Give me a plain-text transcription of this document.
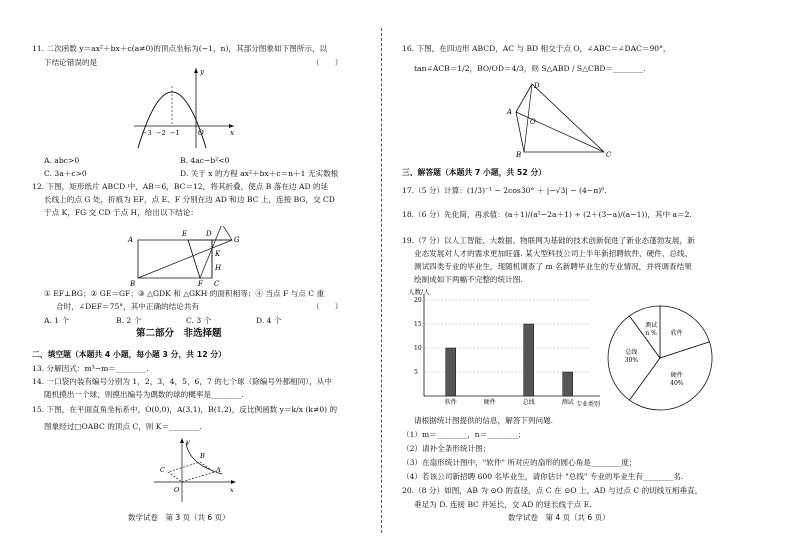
11. 二次函数 y＝ax²＋bx＋c(a≠0)的顶点坐标为(−1，n)，其部分图象如下图所示，以
下结论错误的是	（　　）
y
x
O
−3 −2 −1
A. abc>0	B. 4ac−b²<0
C. 3a＋c>0	D. 关于 x 的方程 ax²＋bx＋c＝n＋1 无实数根
12. 下图，矩形纸片 ABCD 中，AB＝6，BC＝12，将其折叠，使点 B 落在边 AD 的延
长线上的点 G 处，折痕为 EF，点 E、F 分别在边 AD 和边 BC 上，连接 BG，交 CD
于点 K，FG 交 CD 于点 H，给出以下结论：
A
E	D
G
K
H
B	F C
① EF⊥BG；② GE＝GF；③ △GDK 和 △GKH 的面积相等；④ 当点 F 与点 C 重
合时，∠DEF＝75°，其中正确的结论共有	（　　）
A. 1 个	B. 2 个	C. 3 个	D. 4 个
第二部分　非选择题
二、填空题（本题共 4 小题，每小题 3 分，共 12 分）
13. 分解因式：m³−m＝________.
14. 一口袋内装有编号分别为 1，2，3，4，5，6，7 的七个球（除编号外都相同），从中
随机摸出一个球，则摸出编号为偶数的球的概率是________.
15. 下图，在平面直角坐标系中，O(0,0)，A(3,1)，B(1,2)，反比例函数 y＝k/x (k≠0) 的
图象经过□OABC 的顶点 C，则 K＝________.
y
x
C
B
A
O
数学试卷　第 3 页（共 6 页）
16. 下图，在四边形 ABCD，AC 与 BD 相交于点 O，∠ABC＝∠DAC＝90°，
tan∠ACB＝1/2，BO/OD＝4/3，则 S△ABD / S△CBD＝________.
D
A
O
B	C
三、解答题（本题共 7 小题，共 52 分）
17.（5 分）计算：(1/3)⁻¹ − 2cos30° ＋ |−√3| − (4−π)⁰.
18.（6 分）先化简，再求值：(a＋1)/(a²−2a＋1) ÷ (2＋(3−a)/(a−1))，其中 a＝2.
19.（7 分）以人工智能、大数据、物联网为基础的技术创新促进了新业态蓬勃发展，新
业态发展对人才的需求更加旺盛. 某大型科技公司上半年新招聘软件、硬件、总线、
测试四类专业的毕业生，现随机调查了 m 名新聘毕业生的专业情况，并将调查结果
绘制成如下两幅不完整的统计图.
人数/人
专业类别
5
10
15
20
软件	硬件	总线	测试
软件
硬件
40%
总线
30%
测试
n %
请根据统计图提供的信息，解答下列问题.
（1）m＝________，n＝________；
（2）请补全条形统计图；
（3）在扇形统计图中，"软件" 所对应的扇形的圆心角是________度；
（4）若该公司新招聘 600 名毕业生，请你估计 "总线" 专业的毕业生有________名.
20.（8 分）如图，AB 为 ⊙O 的直径，点 C 在 ⊙O 上，AD 与过点 C 的切线互相垂直，
垂足为 D. 连接 BC 并延长，交 AD 的延长线于点 E.
数学试卷　第 4 页（共 6 页）
